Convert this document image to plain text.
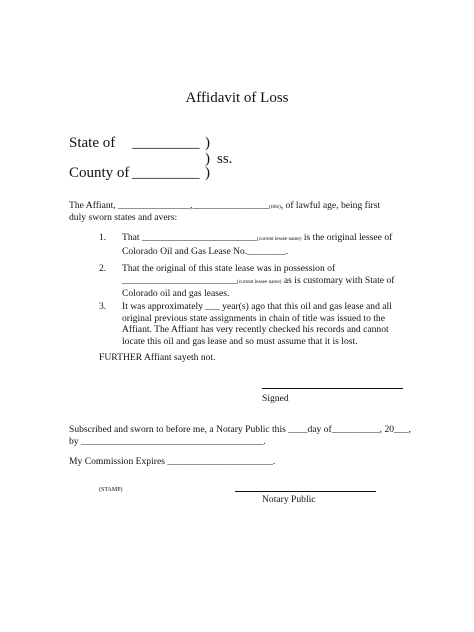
Affidavit of Loss
State of _________ )
) ss.
County of _________ )
The Affiant, _______________,________________(title), of lawful age, being first
duly sworn states and avers:
1. That ________________________(current lessee name) is the original lessee of
Colorado Oil and Gas Lease No.________.
2. That the original of this state lease was in possession of
________________________(current lessee name) as is customary with State of
Colorado oil and gas leases.
3. It was approximately ___ year(s) ago that this oil and gas lease and all
original previous state assignments in chain of title was issued to the
Affiant. The Affiant has very recently checked his records and cannot
locate this oil and gas lease and so must assume that it is lost.
FURTHER Affiant sayeth not.
Signed
Subscribed and sworn to before me, a Notary Public this ____day of__________, 20___,
by ______________________________________.
My Commission Expires ______________________.
(STAMP)
Notary Public
